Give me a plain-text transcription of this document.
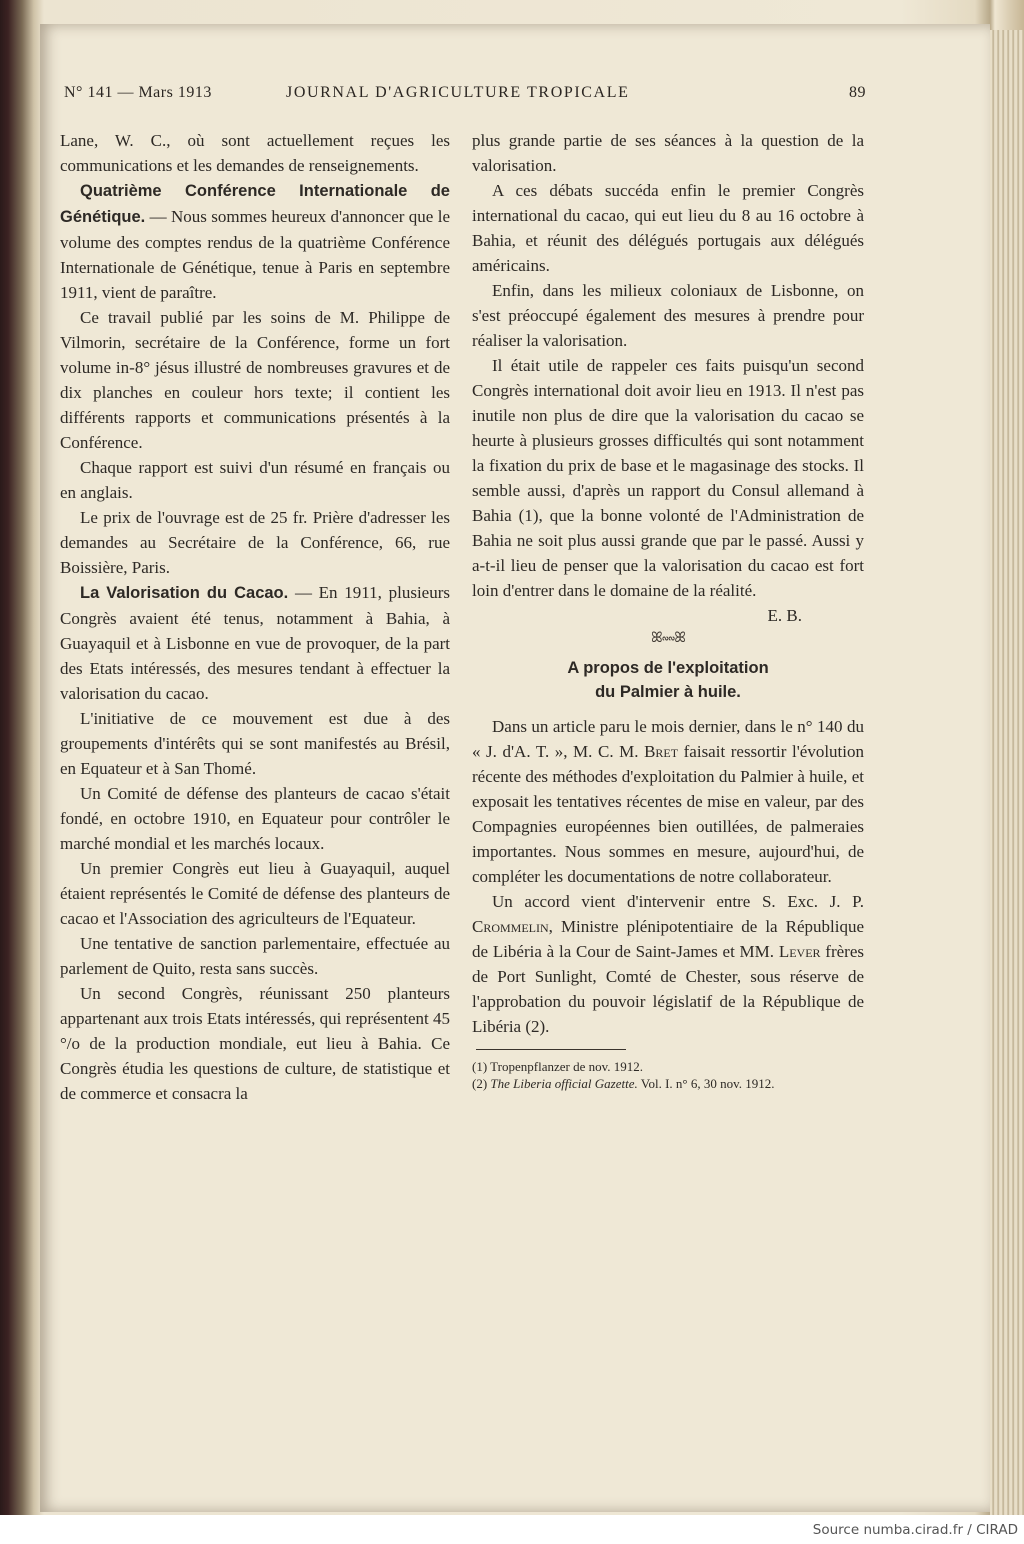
N° 141 — Mars 1913	JOURNAL D'AGRICULTURE TROPICALE	89

Lane, W. C., où sont actuellement reçues les communications et les demandes de renseignements.

Quatrième Conférence Internationale de Génétique. — Nous sommes heureux d'annoncer que le volume des comptes rendus de la quatrième Conférence Internationale de Génétique, tenue à Paris en septembre 1911, vient de paraître.

Ce travail publié par les soins de M. Philippe de Vilmorin, secrétaire de la Conférence, forme un fort volume in-8° jésus illustré de nombreuses gravures et de dix planches en couleur hors texte; il contient les différents rapports et communications présentés à la Conférence.

Chaque rapport est suivi d'un résumé en français ou en anglais.

Le prix de l'ouvrage est de 25 fr. Prière d'adresser les demandes au Secrétaire de la Conférence, 66, rue Boissière, Paris.

La Valorisation du Cacao. — En 1911, plusieurs Congrès avaient été tenus, notamment à Bahia, à Guayaquil et à Lisbonne en vue de provoquer, de la part des Etats intéressés, des mesures tendant à effectuer la valorisation du cacao.

L'initiative de ce mouvement est due à des groupements d'intérêts qui se sont manifestés au Brésil, en Equateur et à San Thomé.

Un Comité de défense des planteurs de cacao s'était fondé, en octobre 1910, en Equateur pour contrôler le marché mondial et les marchés locaux.

Un premier Congrès eut lieu à Guayaquil, auquel étaient représentés le Comité de défense des planteurs de cacao et l'Association des agriculteurs de l'Equateur.

Une tentative de sanction parlementaire, effectuée au parlement de Quito, resta sans succès.

Un second Congrès, réunissant 250 planteurs appartenant aux trois Etats intéressés, qui représentent 45 °/o de la production mondiale, eut lieu à Bahia. Ce Congrès étudia les questions de culture, de statistique et de commerce et consacra la

plus grande partie de ses séances à la question de la valorisation.

A ces débats succéda enfin le premier Congrès international du cacao, qui eut lieu du 8 au 16 octobre à Bahia, et réunit des délégués portugais aux délégués américains.

Enfin, dans les milieux coloniaux de Lisbonne, on s'est préoccupé également des mesures à prendre pour réaliser la valorisation.

Il était utile de rappeler ces faits puisqu'un second Congrès international doit avoir lieu en 1913. Il n'est pas inutile non plus de dire que la valorisation du cacao se heurte à plusieurs grosses difficultés qui sont notamment la fixation du prix de base et le magasinage des stocks. Il semble aussi, d'après un rapport du Consul allemand à Bahia (1), que la bonne volonté de l'Administration de Bahia ne soit plus aussi grande que par le passé. Aussi y a-t-il lieu de penser que la valorisation du cacao est fort loin d'entrer dans le domaine de la réalité.

E. B.

ꕤ∾∾ꕤ
A propos de l'exploitation
du Palmier à huile.

Dans un article paru le mois dernier, dans le n° 140 du « J. d'A. T. », M. C. M. Bret faisait ressortir l'évolution récente des méthodes d'exploitation du Palmier à huile, et exposait les tentatives récentes de mise en valeur, par des Compagnies européennes bien outillées, de palmeraies importantes. Nous sommes en mesure, aujourd'hui, de compléter les documentations de notre collaborateur.

Un accord vient d'intervenir entre S. Exc. J. P. Crommelin, Ministre plénipotentiaire de la République de Libéria à la Cour de Saint-James et MM. Lever frères de Port Sunlight, Comté de Chester, sous réserve de l'approbation du pouvoir législatif de la République de Libéria (2).

(1) Tropenpflanzer de nov. 1912.

(2) The Liberia official Gazette. Vol. I. n° 6, 30 nov. 1912.

Source numba.cirad.fr / CIRAD
